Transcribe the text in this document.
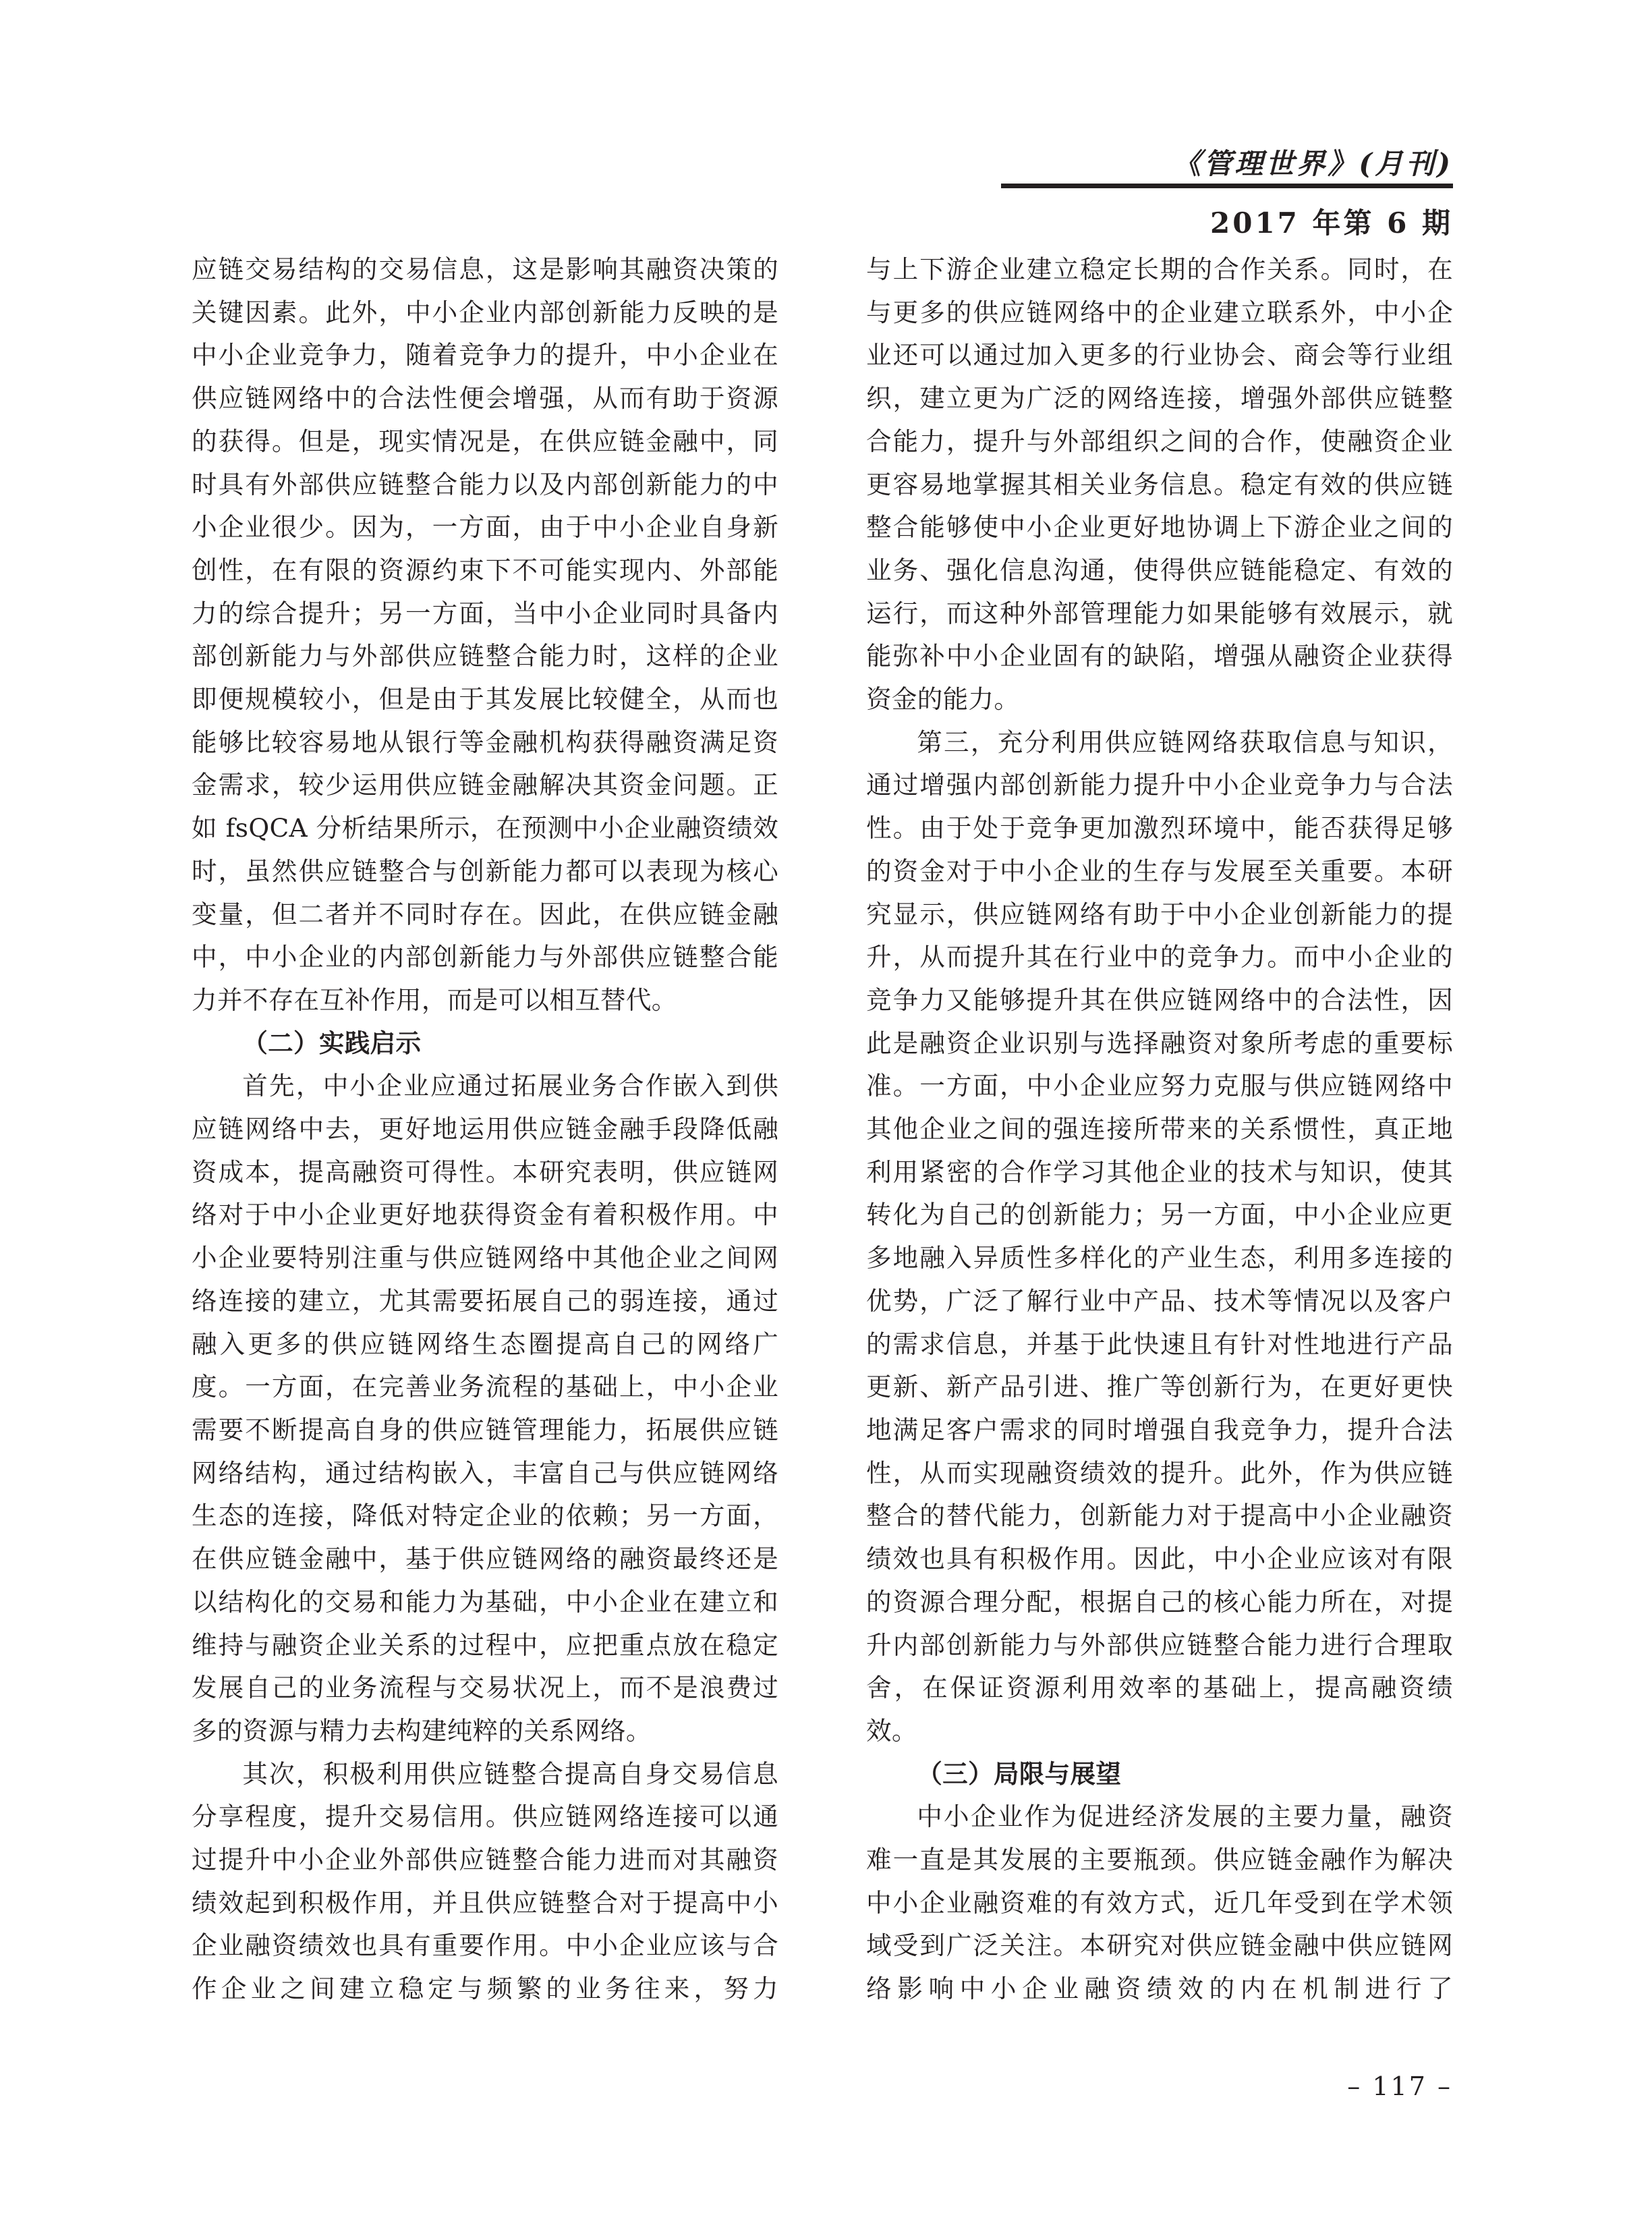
《管理世界》(月刊)
2017 年第 6 期

应链交易结构的交易信息，这是影响其融资决策的关键因素。此外，中小企业内部创新能力反映的是中小企业竞争力，随着竞争力的提升，中小企业在供应链网络中的合法性便会增强，从而有助于资源的获得。但是，现实情况是，在供应链金融中，同时具有外部供应链整合能力以及内部创新能力的中小企业很少。因为，一方面，由于中小企业自身新创性，在有限的资源约束下不可能实现内、外部能力的综合提升；另一方面，当中小企业同时具备内部创新能力与外部供应链整合能力时，这样的企业即便规模较小，但是由于其发展比较健全，从而也能够比较容易地从银行等金融机构获得融资满足资金需求，较少运用供应链金融解决其资金问题。正如 fsQCA 分析结果所示，在预测中小企业融资绩效时，虽然供应链整合与创新能力都可以表现为核心变量，但二者并不同时存在。因此，在供应链金融中，中小企业的内部创新能力与外部供应链整合能力并不存在互补作用，而是可以相互替代。

（二）实践启示

首先，中小企业应通过拓展业务合作嵌入到供应链网络中去，更好地运用供应链金融手段降低融资成本，提高融资可得性。本研究表明，供应链网络对于中小企业更好地获得资金有着积极作用。中小企业要特别注重与供应链网络中其他企业之间网络连接的建立，尤其需要拓展自己的弱连接，通过融入更多的供应链网络生态圈提高自己的网络广度。一方面，在完善业务流程的基础上，中小企业需要不断提高自身的供应链管理能力，拓展供应链网络结构，通过结构嵌入，丰富自己与供应链网络生态的连接，降低对特定企业的依赖；另一方面，在供应链金融中，基于供应链网络的融资最终还是以结构化的交易和能力为基础，中小企业在建立和维持与融资企业关系的过程中，应把重点放在稳定发展自己的业务流程与交易状况上，而不是浪费过多的资源与精力去构建纯粹的关系网络。

其次，积极利用供应链整合提高自身交易信息分享程度，提升交易信用。供应链网络连接可以通过提升中小企业外部供应链整合能力进而对其融资绩效起到积极作用，并且供应链整合对于提高中小企业融资绩效也具有重要作用。中小企业应该与合作企业之间建立稳定与频繁的业务往来，努力

与上下游企业建立稳定长期的合作关系。同时，在与更多的供应链网络中的企业建立联系外，中小企业还可以通过加入更多的行业协会、商会等行业组织，建立更为广泛的网络连接，增强外部供应链整合能力，提升与外部组织之间的合作，使融资企业更容易地掌握其相关业务信息。稳定有效的供应链整合能够使中小企业更好地协调上下游企业之间的业务、强化信息沟通，使得供应链能稳定、有效的运行，而这种外部管理能力如果能够有效展示，就能弥补中小企业固有的缺陷，增强从融资企业获得资金的能力。

第三，充分利用供应链网络获取信息与知识，通过增强内部创新能力提升中小企业竞争力与合法性。由于处于竞争更加激烈环境中，能否获得足够的资金对于中小企业的生存与发展至关重要。本研究显示，供应链网络有助于中小企业创新能力的提升，从而提升其在行业中的竞争力。而中小企业的竞争力又能够提升其在供应链网络中的合法性，因此是融资企业识别与选择融资对象所考虑的重要标准。一方面，中小企业应努力克服与供应链网络中其他企业之间的强连接所带来的关系惯性，真正地利用紧密的合作学习其他企业的技术与知识，使其转化为自己的创新能力；另一方面，中小企业应更多地融入异质性多样化的产业生态，利用多连接的优势，广泛了解行业中产品、技术等情况以及客户的需求信息，并基于此快速且有针对性地进行产品更新、新产品引进、推广等创新行为，在更好更快地满足客户需求的同时增强自我竞争力，提升合法性，从而实现融资绩效的提升。此外，作为供应链整合的替代能力，创新能力对于提高中小企业融资绩效也具有积极作用。因此，中小企业应该对有限的资源合理分配，根据自己的核心能力所在，对提升内部创新能力与外部供应链整合能力进行合理取舍，在保证资源利用效率的基础上，提高融资绩效。

（三）局限与展望

中小企业作为促进经济发展的主要力量，融资难一直是其发展的主要瓶颈。供应链金融作为解决中小企业融资难的有效方式，近几年受到在学术领域受到广泛关注。本研究对供应链金融中供应链网络影响中小企业融资绩效的内在机制进行了

– 117 –
